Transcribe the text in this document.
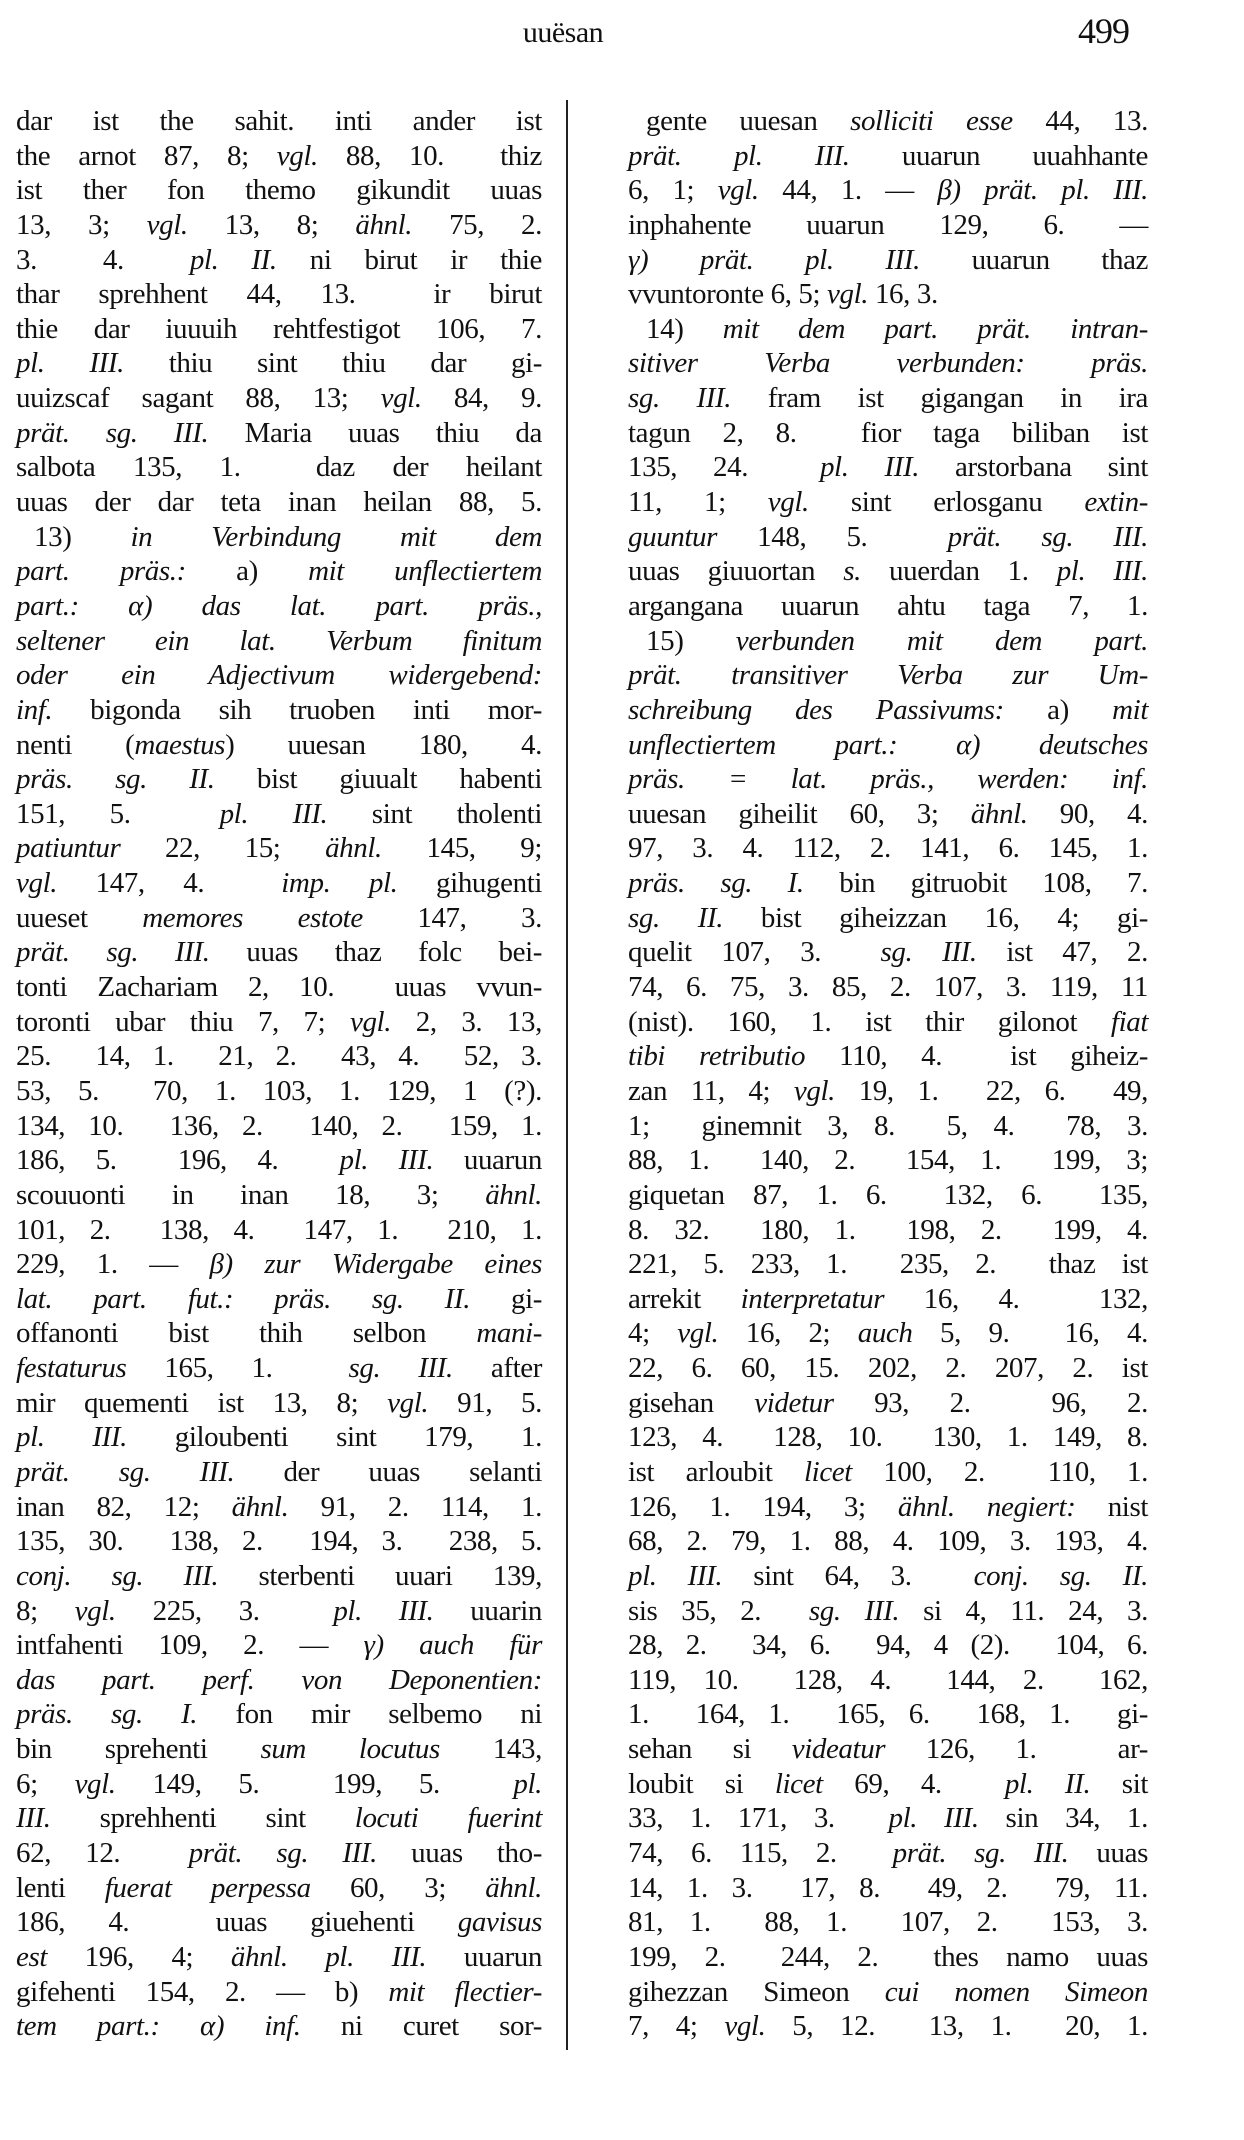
uuësan	499
dar ist the sahit. inti ander ist
the arnot 87, 8; vgl. 88, 10.  thiz
ist ther fon themo gikundit uuas
13, 3; vgl. 13, 8; ähnl. 75, 2.
3.  4.  pl. II. ni birut ir thie
thar sprehhent 44, 13.  ir birut
thie dar iuuuih rehtfestigot 106, 7.
pl. III. thiu sint thiu dar gi-
uuizscaf sagant 88, 13; vgl. 84, 9.
prät. sg. III. Maria uuas thiu da
salbota 135, 1.  daz der heilant
uuas der dar teta inan heilan 88, 5.
13) in Verbindung mit dem
part. präs.: a) mit unflectiertem
part.: α) das lat. part. präs.,
seltener ein lat. Verbum finitum
oder ein Adjectivum widergebend:
inf. bigonda sih truoben inti mor-
nenti (maestus) uuesan 180, 4.
präs. sg. II. bist giuualt habenti
151, 5.  pl. III. sint tholenti
patiuntur 22, 15; ähnl. 145, 9;
vgl. 147, 4.  imp. pl. gihugenti
uueset memores estote 147, 3.
prät. sg. III. uuas thaz folc bei-
tonti Zachariam 2, 10.  uuas vvun-
toronti ubar thiu 7, 7; vgl. 2, 3. 13,
25.  14, 1.  21, 2.  43, 4.  52, 3.
53, 5.  70, 1. 103, 1. 129, 1 (?).
134, 10.  136, 2.  140, 2.  159, 1.
186, 5.  196, 4.  pl. III. uuarun
scouuonti in inan 18, 3; ähnl.
101, 2.  138, 4.  147, 1.  210, 1.
229, 1. — β) zur Widergabe eines
lat. part. fut.: präs. sg. II. gi-
offanonti bist thih selbon mani-
festaturus 165, 1.  sg. III. after
mir quementi ist 13, 8; vgl. 91, 5.
pl. III. giloubenti sint 179, 1.
prät. sg. III. der uuas selanti
inan 82, 12; ähnl. 91, 2. 114, 1.
135, 30.  138, 2.  194, 3.  238, 5.
conj. sg. III. sterbenti uuari 139,
8; vgl. 225, 3.  pl. III. uuarin
intfahenti 109, 2. — γ) auch für
das part. perf. von Deponentien:
präs. sg. I. fon mir selbemo ni
bin sprehenti sum locutus 143,
6; vgl. 149, 5.  199, 5.  pl.
III. sprehhenti sint locuti fuerint
62, 12.  prät. sg. III. uuas tho-
lenti fuerat perpessa 60, 3; ähnl.
186, 4.  uuas giuehenti gavisus
est 196, 4; ähnl. pl. III. uuarun
gifehenti 154, 2. — b) mit flectier-
tem part.: α) inf. ni curet sor-
gente uuesan solliciti esse 44, 13.
prät. pl. III. uuarun uuahhante
6, 1; vgl. 44, 1. — β) prät. pl. III.
inphahente uuarun 129, 6. —
γ) prät. pl. III. uuarun thaz
vvuntoronte 6, 5; vgl. 16, 3.
14) mit dem part. prät. intran-
sitiver Verba verbunden: präs.
sg. III. fram ist gigangan in ira
tagun 2, 8.  fior taga biliban ist
135, 24.  pl. III. arstorbana sint
11, 1; vgl. sint erlosganu extin-
guuntur 148, 5.  prät. sg. III.
uuas giuuortan s. uuerdan 1. pl. III.
argangana uuarun ahtu taga 7, 1.
15) verbunden mit dem part.
prät. transitiver Verba zur Um-
schreibung des Passivums: a) mit
unflectiertem part.: α) deutsches
präs. = lat. präs., werden: inf.
uuesan giheilit 60, 3; ähnl. 90, 4.
97, 3. 4. 112, 2. 141, 6. 145, 1.
präs. sg. I. bin gitruobit 108, 7.
sg. II. bist giheizzan 16, 4; gi-
quelit 107, 3.  sg. III. ist 47, 2.
74, 6. 75, 3. 85, 2. 107, 3. 119, 11
(nist). 160, 1. ist thir gilonot fiat
tibi retributio 110, 4.  ist giheiz-
zan 11, 4; vgl. 19, 1.  22, 6.  49,
1;  ginemnit 3, 8.  5, 4.  78, 3.
88, 1.  140, 2.  154, 1.  199, 3;
giquetan 87, 1. 6.  132, 6.  135,
8. 32.  180, 1.  198, 2.  199, 4.
221, 5. 233, 1.  235, 2.  thaz ist
arrekit interpretatur 16, 4.  132,
4; vgl. 16, 2; auch 5, 9.  16, 4.
22, 6. 60, 15. 202, 2. 207, 2. ist
gisehan videtur 93, 2.  96, 2.
123, 4.  128, 10.  130, 1. 149, 8.
ist arloubit licet 100, 2.  110, 1.
126, 1. 194, 3; ähnl. negiert: nist
68, 2. 79, 1. 88, 4. 109, 3. 193, 4.
pl. III. sint 64, 3.  conj. sg. II.
sis 35, 2.  sg. III. si 4, 11. 24, 3.
28, 2.  34, 6.  94, 4 (2).  104, 6.
119, 10.  128, 4.  144, 2.  162,
1.  164, 1.  165, 6.  168, 1.  gi-
sehan si videatur 126, 1.  ar-
loubit si licet 69, 4.  pl. II. sit
33, 1. 171, 3.  pl. III. sin 34, 1.
74, 6. 115, 2.  prät. sg. III. uuas
14, 1. 3.  17, 8.  49, 2.  79, 11.
81, 1.  88, 1.  107, 2.  153, 3.
199, 2.  244, 2.  thes namo uuas
gihezzan Simeon cui nomen Simeon
7, 4; vgl. 5, 12.  13, 1.  20, 1.
